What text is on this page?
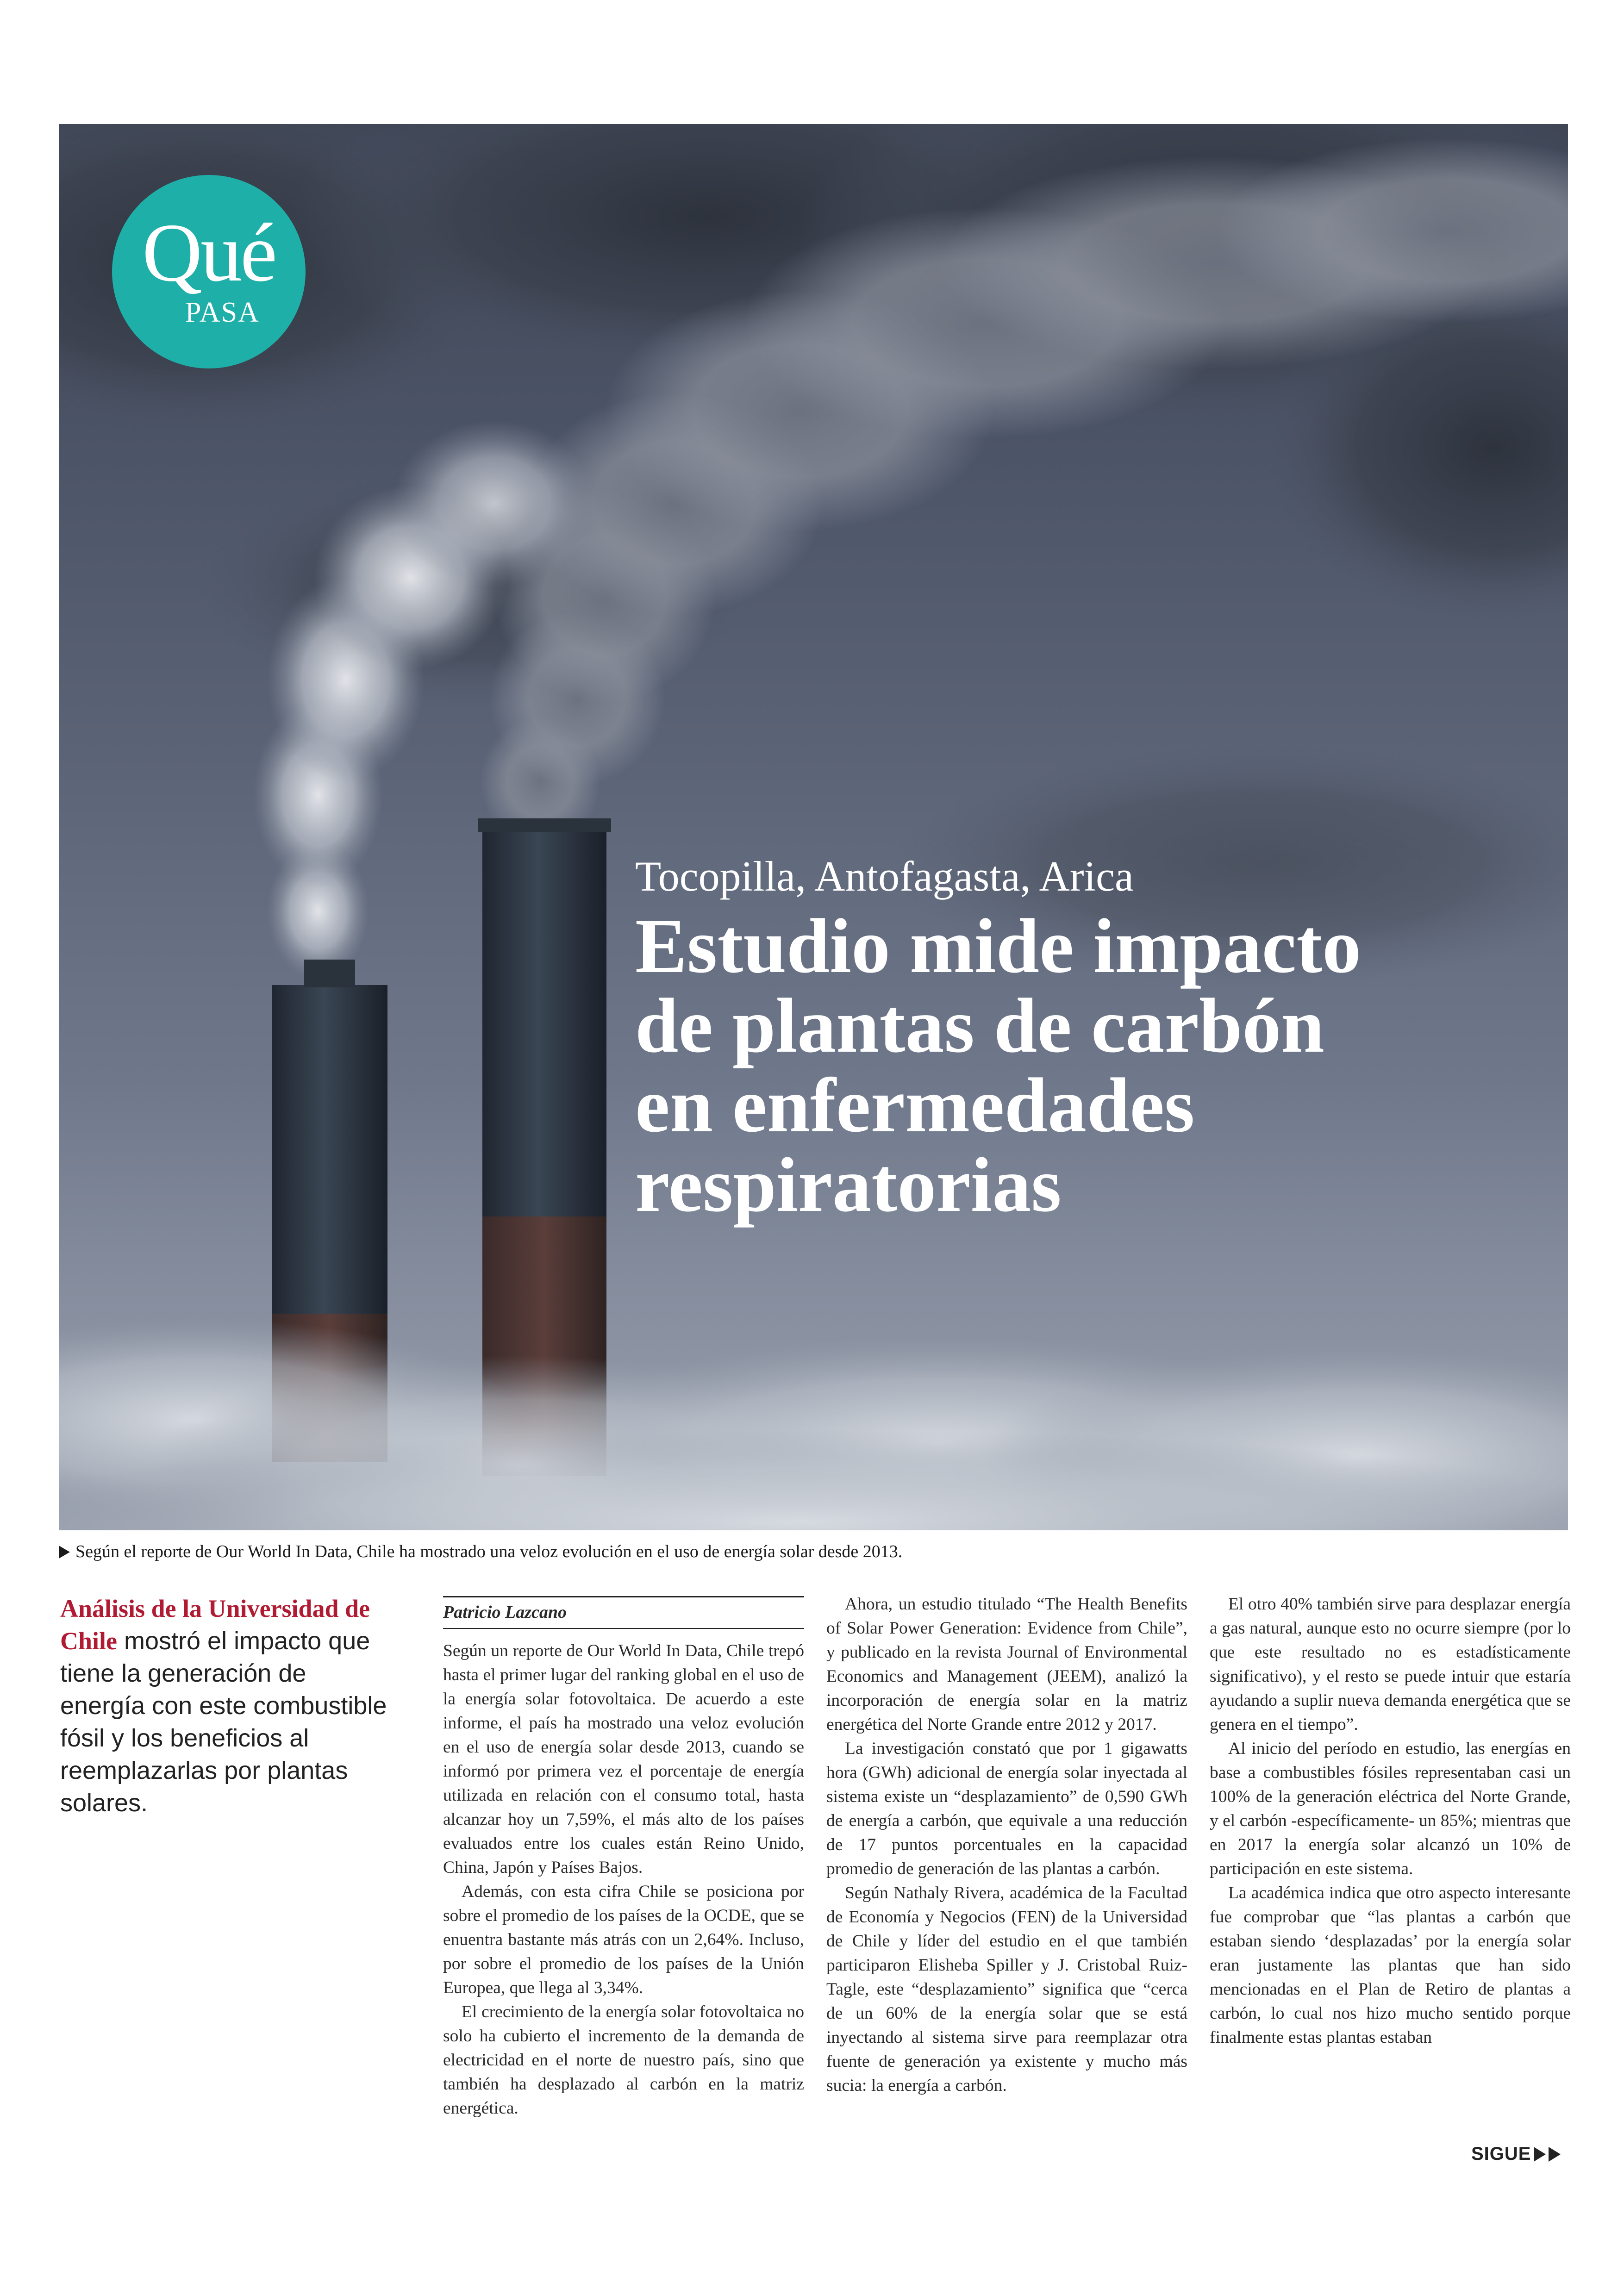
Qué
PASA
Tocopilla, Antofagasta, Arica
Estudio mide impacto
de plantas de carbón
en enfermedades
respiratorias
Según el reporte de Our World In Data, Chile ha mostrado una veloz evolución en el uso de energía solar desde 2013.
Análisis de la Universidad de Chile mostró el impacto que tiene la generación de energía con este combustible fósil y los beneficios al reemplazarlas por plantas solares.
Patricio Lazcano

Según un reporte de Our World In Data, Chile trepó hasta el primer lugar del ranking global en el uso de la energía solar fotovoltaica. De acuerdo a este informe, el país ha mostrado una veloz evolución en el uso de energía solar desde 2013, cuando se informó por primera vez el porcentaje de energía utilizada en relación con el consumo total, hasta alcanzar hoy un 7,59%, el más alto de los países evaluados entre los cuales están Reino Unido, China, Japón y Países Bajos.

Además, con esta cifra Chile se posiciona por sobre el promedio de los países de la OCDE, que se enuentra bastante más atrás con un 2,64%. Incluso, por sobre el promedio de los países de la Unión Europea, que llega al 3,34%.

El crecimiento de la energía solar fotovoltaica no solo ha cubierto el incremento de la demanda de electricidad en el norte de nuestro país, sino que también ha desplazado al carbón en la matriz energética.

Ahora, un estudio titulado “The Health Benefits of Solar Power Generation: Evidence from Chile”, y publicado en la revista Journal of Environmental Economics and Management (JEEM), analizó la incorporación de energía solar en la matriz energética del Norte Grande entre 2012 y 2017.

La investigación constató que por 1 gigawatts hora (GWh) adicional de energía solar inyectada al sistema existe un “desplazamiento” de 0,590 GWh de energía a carbón, que equivale a una reducción de 17 puntos porcentuales en la capacidad promedio de generación de las plantas a carbón.

Según Nathaly Rivera, académica de la Facultad de Economía y Negocios (FEN) de la Universidad de Chile y líder del estudio en el que también participaron Elisheba Spiller y J. Cristobal Ruiz-Tagle, este “desplazamiento” significa que “cerca de un 60% de la energía solar que se está inyectando al sistema sirve para reemplazar otra fuente de generación ya existente y mucho más sucia: la energía a carbón.

El otro 40% también sirve para desplazar energía a gas natural, aunque esto no ocurre siempre (por lo que este resultado no es estadísticamente significativo), y el resto se puede intuir que estaría ayudando a suplir nueva demanda energética que se genera en el tiempo”.

Al inicio del período en estudio, las energías en base a combustibles fósiles representaban casi un 100% de la generación eléctrica del Norte Grande, y el carbón -específicamente- un 85%; mientras que en 2017 la energía solar alcanzó un 10% de participación en este sistema.

La académica indica que otro aspecto interesante fue comprobar que “las plantas a carbón que estaban siendo ‘desplazadas’ por la energía solar eran justamente las plantas que han sido mencionadas en el Plan de Retiro de plantas a carbón, lo cual nos hizo mucho sentido porque finalmente estas plantas estaban

SIGUE
